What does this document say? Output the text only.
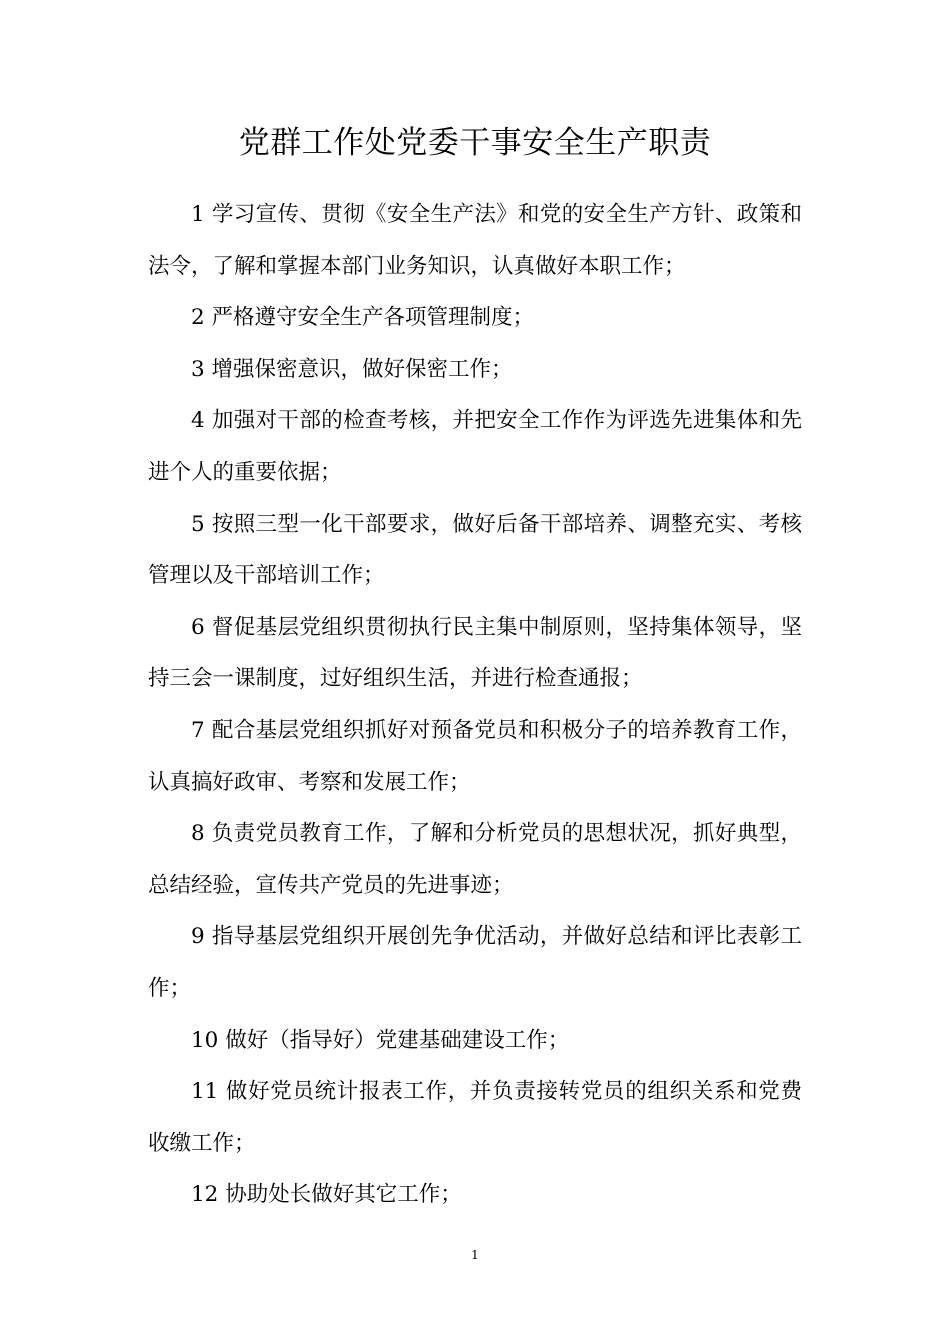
党群工作处党委干事安全生产职责

1 学习宣传、贯彻《安全生产法》和党的安全生产方针、政策和法令，了解和掌握本部门业务知识，认真做好本职工作；

2 严格遵守安全生产各项管理制度；

3 增强保密意识，做好保密工作；

4 加强对干部的检查考核，并把安全工作作为评选先进集体和先进个人的重要依据；

5 按照三型一化干部要求，做好后备干部培养、调整充实、考核管理以及干部培训工作；

6 督促基层党组织贯彻执行民主集中制原则，坚持集体领导，坚持三会一课制度，过好组织生活，并进行检查通报；

7 配合基层党组织抓好对预备党员和积极分子的培养教育工作，认真搞好政审、考察和发展工作；

8 负责党员教育工作，了解和分析党员的思想状况，抓好典型，总结经验，宣传共产党员的先进事迹；

9 指导基层党组织开展创先争优活动，并做好总结和评比表彰工作；

10 做好（指导好）党建基础建设工作；

11 做好党员统计报表工作，并负责接转党员的组织关系和党费收缴工作；

12 协助处长做好其它工作；

1
